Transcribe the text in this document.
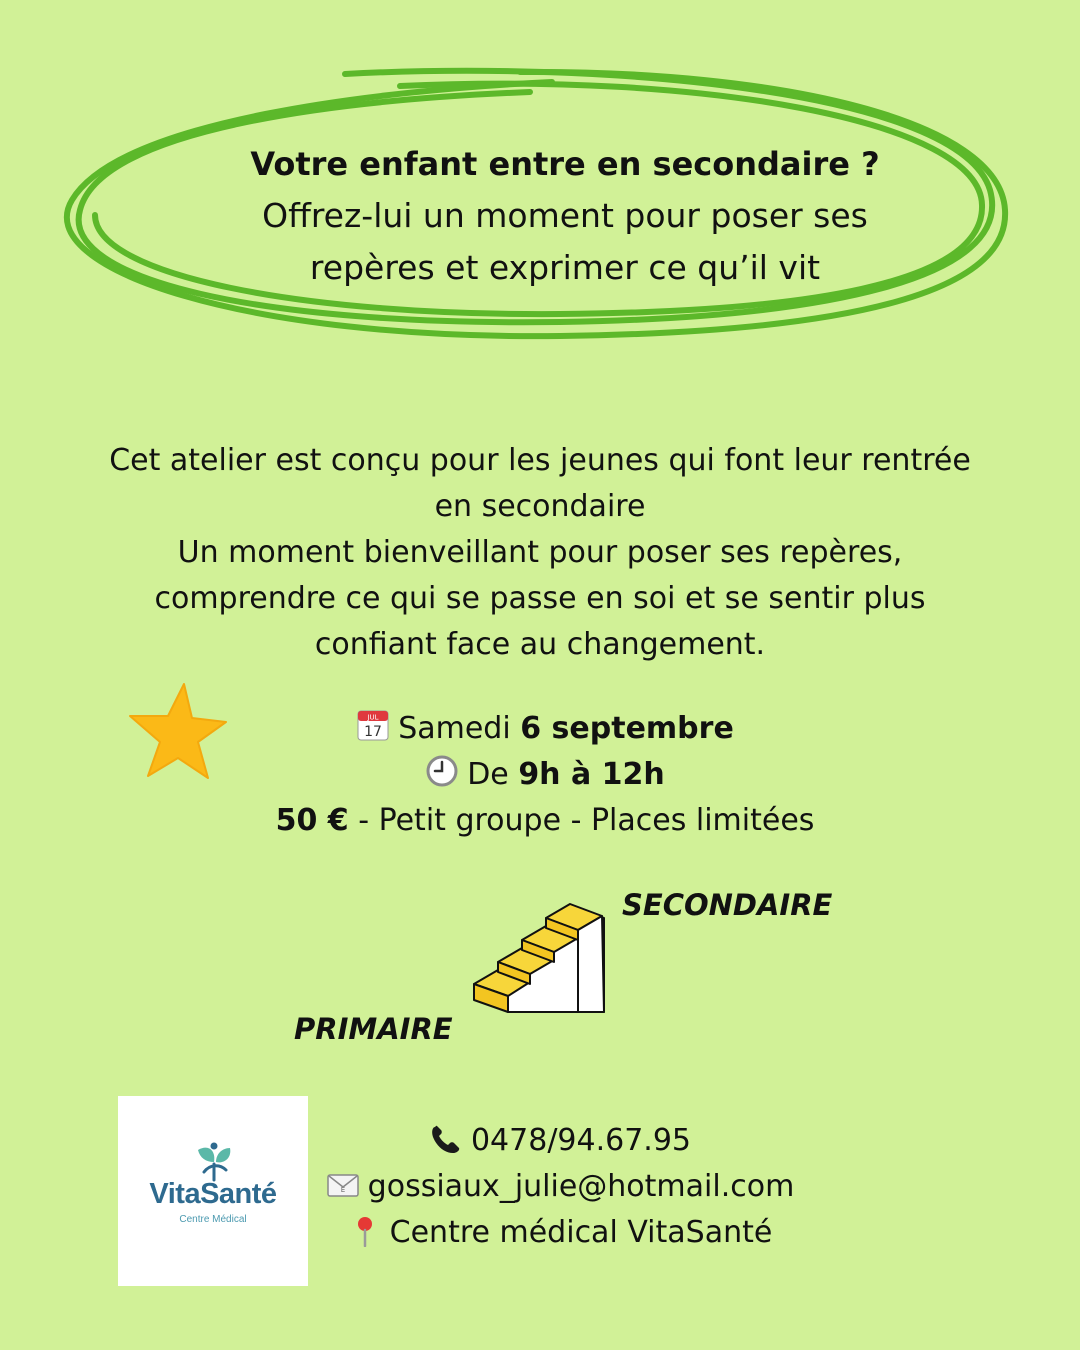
Votre enfant entre en secondaire ?
Offrez-lui un moment pour poser ses
repères et exprimer ce qu’il vit
Cet atelier est conçu pour les jeunes qui font leur rentrée
en secondaire
Un moment bienveillant pour poser ses repères,
comprendre ce qui se passe en soi et se sentir plus
confiant face au changement.
JUL
17 Samedi 6 septembre
De 9h à 12h
50 € - Petit groupe - Places limitées
SECONDAIRE
PRIMAIRE
VitaSanté
Centre Médical
0478/94.67.95
E gossiaux_julie@hotmail.com
Centre médical VitaSanté
